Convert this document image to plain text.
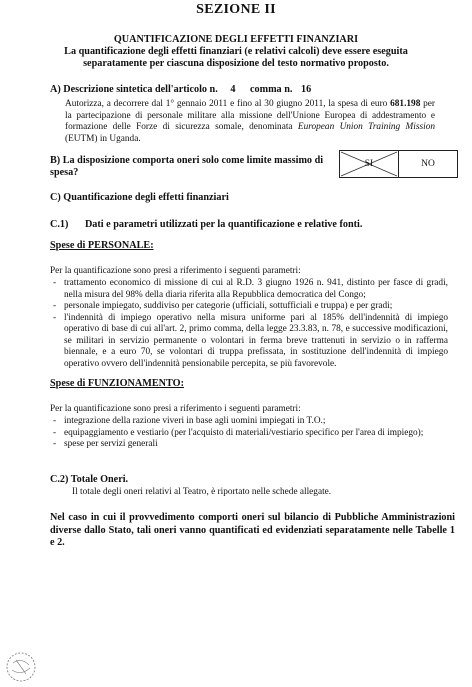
SEZIONE II
QUANTIFICAZIONE DEGLI EFFETTI FINANZIARI
La quantificazione degli effetti finanziari (e relativi calcoli) deve essere eseguita
separatamente per ciascuna disposizione del testo normativo proposto.
A) Descrizione sintetica dell'articolo n. 4 comma n. 16
Autorizza, a decorrere dal 1° gennaio 2011 e fino al 30 giugno 2011, la spesa di euro 681.198 per la partecipazione di personale militare alla missione dell'Unione Europea di addestramento e formazione delle Forze di sicurezza somale, denominata European Union Training Mission (EUTM) in Uganda.
B) La disposizione comporta oneri solo come limite massimo di
spesa?
SI	NO
C) Quantificazione degli effetti finanziari
C.1) Dati e parametri utilizzati per la quantificazione e relative fonti.
Spese di PERSONALE:
Per la quantificazione sono presi a riferimento i seguenti parametri:
- trattamento economico di missione di cui al R.D. 3 giugno 1926 n. 941, distinto per fasce di gradi, nella misura del 98% della diaria riferita alla Repubblica democratica del Congo;
- personale impiegato, suddiviso per categorie (ufficiali, sottufficiali e truppa) e per gradi;
- l'indennità di impiego operativo nella misura uniforme pari al 185% dell'indennità di impiego operativo di base di cui all'art. 2, primo comma, della legge 23.3.83, n. 78, e successive modificazioni, se militari in servizio permanente o volontari in ferma breve trattenuti in servizio o in rafferma biennale, e a euro 70, se volontari di truppa prefissata, in sostituzione dell'indennità di impiego operativo ovvero dell'indennità pensionabile percepita, se più favorevole.
Spese di FUNZIONAMENTO:
Per la quantificazione sono presi a riferimento i seguenti parametri:
- integrazione della razione viveri in base agli uomini impiegati in T.O.;
- equipaggiamento e vestiario (per l'acquisto di materiali/vestiario specifico per l'area di impiego);
- spese per servizi generali
C.2) Totale Oneri.
Il totale degli oneri relativi al Teatro, è riportato nelle schede allegate.
Nel caso in cui il provvedimento comporti oneri sul bilancio di Pubbliche Amministrazioni diverse dallo Stato, tali oneri vanno quantificati ed evidenziati separatamente nelle Tabelle 1 e 2.
